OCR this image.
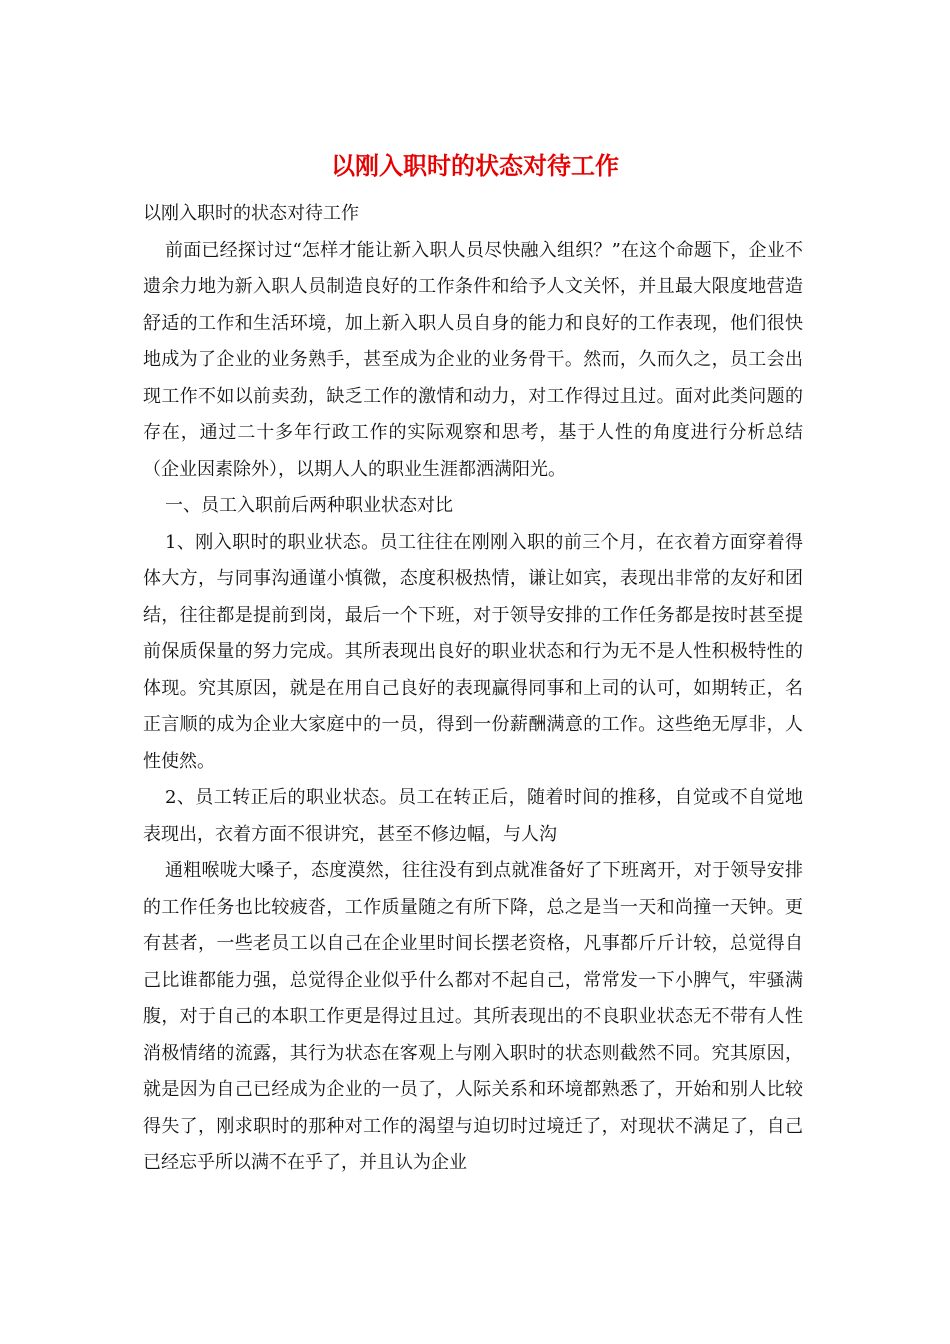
以刚入职时的状态对待工作

以刚入职时的状态对待工作

前面已经探讨过“怎样才能让新入职人员尽快融入组织？”在这个命题下，企业不遗余力地为新入职人员制造良好的工作条件和给予人文关怀，并且最大限度地营造舒适的工作和生活环境，加上新入职人员自身的能力和良好的工作表现，他们很快地成为了企业的业务熟手，甚至成为企业的业务骨干。然而，久而久之，员工会出现工作不如以前卖劲，缺乏工作的激情和动力，对工作得过且过。面对此类问题的存在，通过二十多年行政工作的实际观察和思考，基于人性的角度进行分析总结（企业因素除外），以期人人的职业生涯都洒满阳光。

一、员工入职前后两种职业状态对比

1、刚入职时的职业状态。员工往往在刚刚入职的前三个月，在衣着方面穿着得体大方，与同事沟通谨小慎微，态度积极热情，谦让如宾，表现出非常的友好和团结，往往都是提前到岗，最后一个下班，对于领导安排的工作任务都是按时甚至提前保质保量的努力完成。其所表现出良好的职业状态和行为无不是人性积极特性的体现。究其原因，就是在用自己良好的表现赢得同事和上司的认可，如期转正，名正言顺的成为企业大家庭中的一员，得到一份薪酬满意的工作。这些绝无厚非，人性使然。

2、员工转正后的职业状态。员工在转正后，随着时间的推移，自觉或不自觉地表现出，衣着方面不很讲究，甚至不修边幅，与人沟

通粗喉咙大嗓子，态度漠然，往往没有到点就准备好了下班离开，对于领导安排的工作任务也比较疲沓，工作质量随之有所下降，总之是当一天和尚撞一天钟。更有甚者，一些老员工以自己在企业里时间长摆老资格，凡事都斤斤计较，总觉得自己比谁都能力强，总觉得企业似乎什么都对不起自己，常常发一下小脾气，牢骚满腹，对于自己的本职工作更是得过且过。其所表现出的不良职业状态无不带有人性消极情绪的流露，其行为状态在客观上与刚入职时的状态则截然不同。究其原因，就是因为自己已经成为企业的一员了，人际关系和环境都熟悉了，开始和别人比较得失了，刚求职时的那种对工作的渴望与迫切时过境迁了，对现状不满足了，自己已经忘乎所以满不在乎了，并且认为企业
